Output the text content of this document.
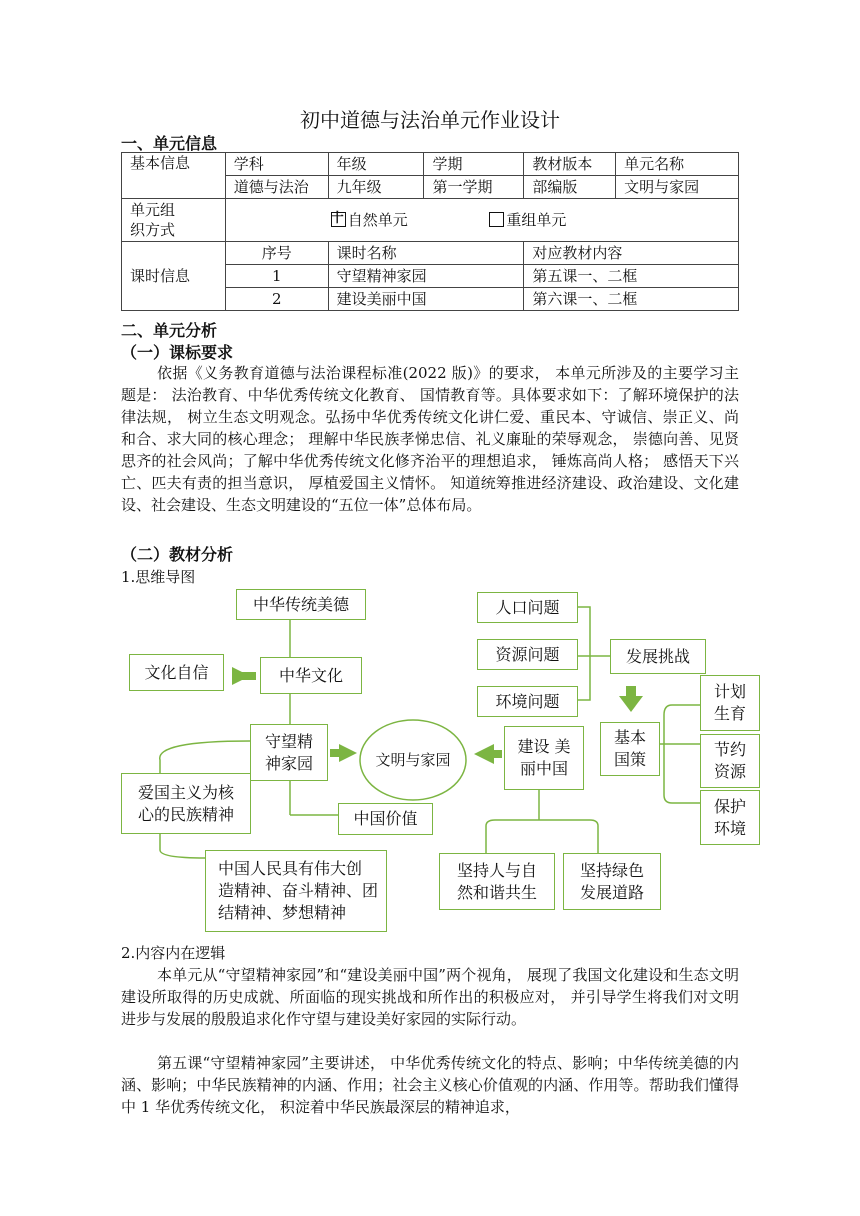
初中道德与法治单元作业设计
一、单元信息
基本信息	学科	年级	学期	教材版本	单元名称
	道德与法治	九年级	第一学期	部编版	文明与家园
单元组
织方式	十自然单元 重组单元
课时信息	序号	课时名称		对应教材内容	
	1	守望精神家园		第五课一、二框	
	2	建设美丽中国		第六课一、二框	
二、单元分析
（一）课标要求
依据《义务教育道德与法治课程标准(2022 版)》的要求， 本单元所涉及的主要学习主题是： 法治教育、中华优秀传统文化教育、 国情教育等。具体要求如下：了解环境保护的法律法规， 树立生态文明观念。弘扬中华优秀传统文化讲仁爱、重民本、守诚信、崇正义、尚和合、求大同的核心理念； 理解中华民族孝悌忠信、礼义廉耻的荣辱观念， 崇德向善、见贤思齐的社会风尚；了解中华优秀传统文化修齐治平的理想追求， 锤炼高尚人格； 感悟天下兴亡、匹夫有责的担当意识， 厚植爱国主义情怀。 知道统筹推进经济建设、政治建设、文化建设、社会建设、生态文明建设的“五位一体”总体布局。
（二）教材分析
1.思维导图
中华传统美德
中华文化
文化自信
守望精
神家园	文明与家园
爱国主义为核
心的民族精神	中国价值
中国人民具有伟大创
造精神、奋斗精神、团
结精神、梦想精神
人口问题
资源问题
环境问题
发展挑战
建设 美
丽中国
基本
国策
计划
生育
节约
资源
保护
环境
坚持人与自
然和谐共生
坚持绿色
发展道路
2.内容内在逻辑
本单元从“守望精神家园”和“建设美丽中国”两个视角， 展现了我国文化建设和生态文明建设所取得的历史成就、所面临的现实挑战和所作出的积极应对， 并引导学生将我们对文明进步与发展的殷殷追求化作守望与建设美好家园的实际行动。
第五课“守望精神家园”主要讲述， 中华优秀传统文化的特点、影响；中华传统美德的内涵、影响；中华民族精神的内涵、作用；社会主义核心价值观的内涵、作用等。帮助我们懂得中 1 华优秀传统文化， 积淀着中华民族最深层的精神追求，
